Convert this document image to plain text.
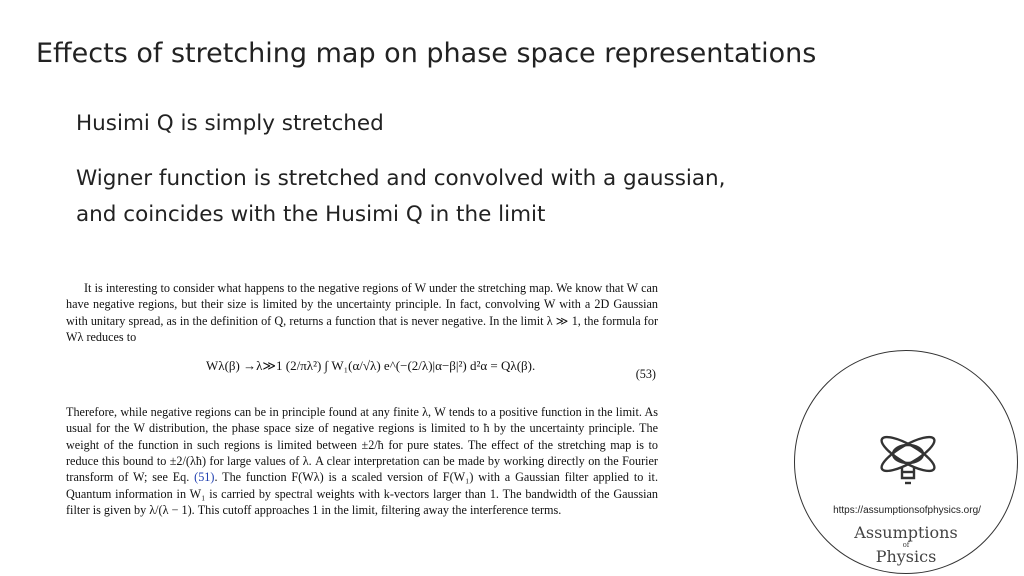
Effects of stretching map on phase space representations
Husimi Q is simply stretched
Wigner function is stretched and convolved with a gaussian,
and coincides with the Husimi Q in the limit

It is interesting to consider what happens to the negative regions of W under the stretching map. We know that W can have negative regions, but their size is limited by the uncertainty principle. In fact, convolving W with a 2D Gaussian with unitary spread, as in the definition of Q, returns a function that is never negative. In the limit λ ≫ 1, the formula for Wλ reduces to

Wλ(β) →λ≫1 (2/πλ²) ∫ W₁(α/√λ) e^(−(2/λ)|α−β|²) d²α = Qλ(β).
(53)

Therefore, while negative regions can be in principle found at any finite λ, W tends to a positive function in the limit. As usual for the W distribution, the phase space size of negative regions is limited to ħ by the uncertainty principle. The weight of the function in such regions is limited between ±2/ħ for pure states. The effect of the stretching map is to reduce this bound to ±2/(λħ) for large values of λ. A clear interpretation can be made by working directly on the Fourier transform of W; see Eq. (51). The function F(Wλ) is a scaled version of F(W₁) with a Gaussian filter applied to it. Quantum information in W₁ is carried by spectral weights with k-vectors larger than 1. The bandwidth of the Gaussian filter is given by λ/(λ − 1). This cutoff approaches 1 in the limit, filtering away the interference terms.	https://assumptionsofphysics.org/
Assumptions
of
Physics
